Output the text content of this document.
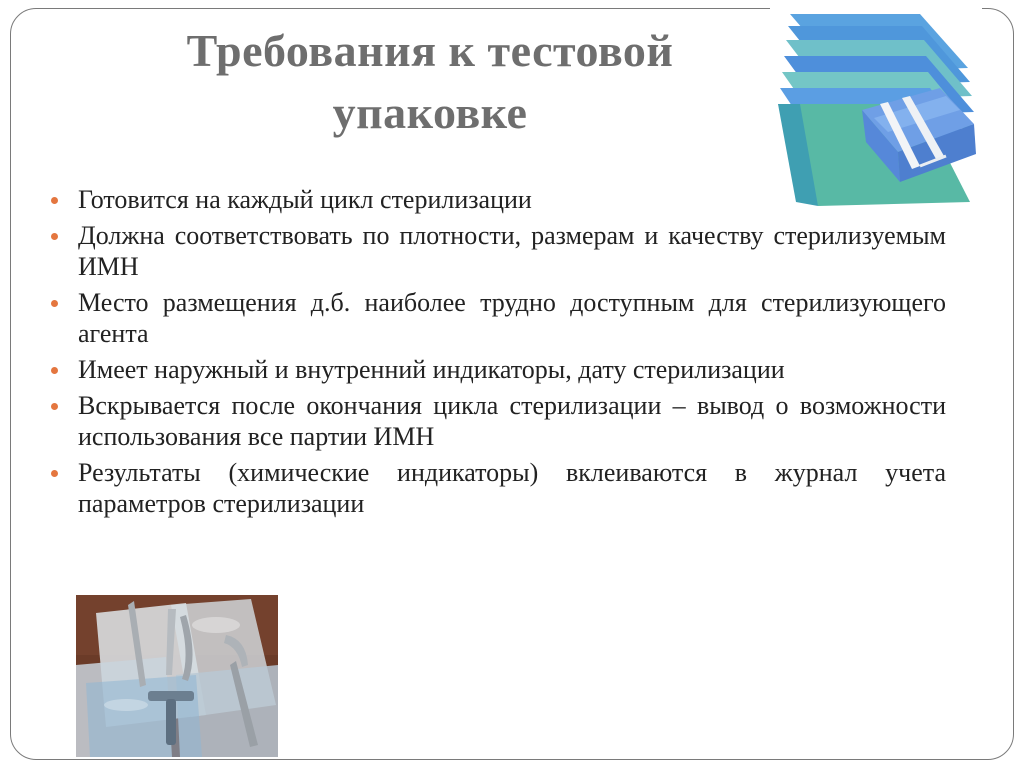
Требования к тестовой упаковке
Готовится на каждый цикл стерилизации
Должна соответствовать по плотности, размерам и качеству стерилизуемым ИМН
Место размещения д.б. наиболее трудно доступным для стерилизующего агента
Имеет наружный и внутренний индикаторы, дату стерилизации
Вскрывается после окончания цикла стерилизации – вывод о возможности использования все партии ИМН
Результаты (химические индикаторы) вклеиваются в журнал учета параметров стерилизации
